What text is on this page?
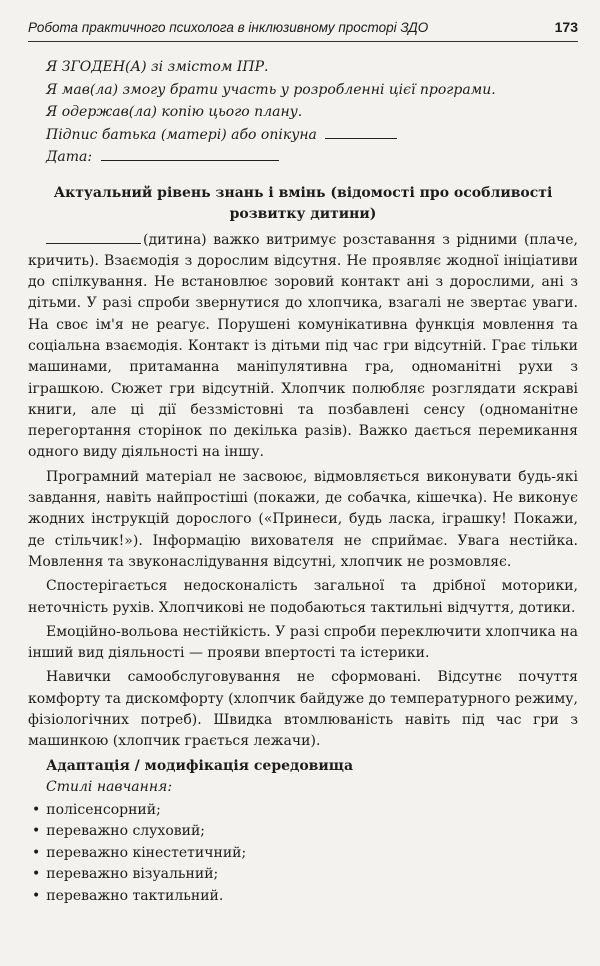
Робота практичного психолога в інклюзивному просторі ЗДО	173
Я ЗГОДЕН(А) зі змістом ІПР.
Я мав(ла) змогу брати участь у розробленні цієї програми.
Я одержав(ла) копію цього плану.
Підпис батька (матері) або опікуна
Дата:
Актуальний рівень знань і вмінь (відомості про особливості розвитку дитини)

(дитина) важко витримує розставання з рідними (плаче, кричить). Взаємодія з дорослим відсутня. Не проявляє жодної ініціативи до спілкування. Не встановлює зоровий контакт ані з дорослими, ані з дітьми. У разі спроби звернутися до хлопчика, взагалі не звертає уваги. На своє ім'я не реагує. Порушені комунікативна функція мовлення та соціальна взаємодія. Контакт із дітьми під час гри відсутній. Грає тільки машинами, притаманна маніпулятивна гра, одноманітні рухи з іграшкою. Сюжет гри відсутній. Хлопчик полюбляє розглядати яскраві книги, але ці дії беззмістовні та позбавлені сенсу (одноманітне перегортання сторінок по декілька разів). Важко дається перемикання одного виду діяльності на іншу.

Програмний матеріал не засвоює, відмовляється виконувати будь-які завдання, навіть найпростіші (покажи, де собачка, кішечка). Не виконує жодних інструкцій дорослого («Принеси, будь ласка, іграшку! Покажи, де стільчик!»). Інформацію вихователя не сприймає. Увага нестійка. Мовлення та звуконаслідування відсутні, хлопчик не розмовляє.

Спостерігається недосконалість загальної та дрібної моторики, неточність рухів. Хлопчикові не подобаються тактильні відчуття, дотики.

Емоційно-вольова нестійкість. У разі спроби переключити хлопчика на інший вид діяльності — прояви впертості та істерики.

Навички самообслуговування не сформовані. Відсутнє почуття комфорту та дискомфорту (хлопчик байдуже до температурного режиму, фізіологічних потреб). Швидка втомлюваність навіть під час гри з машинкою (хлопчик грається лежачи).

Адаптація / модифікація середовища
Стилі навчання:
• полісенсорний;
• переважно слуховий;
• переважно кінестетичний;
• переважно візуальний;
• переважно тактильний.
